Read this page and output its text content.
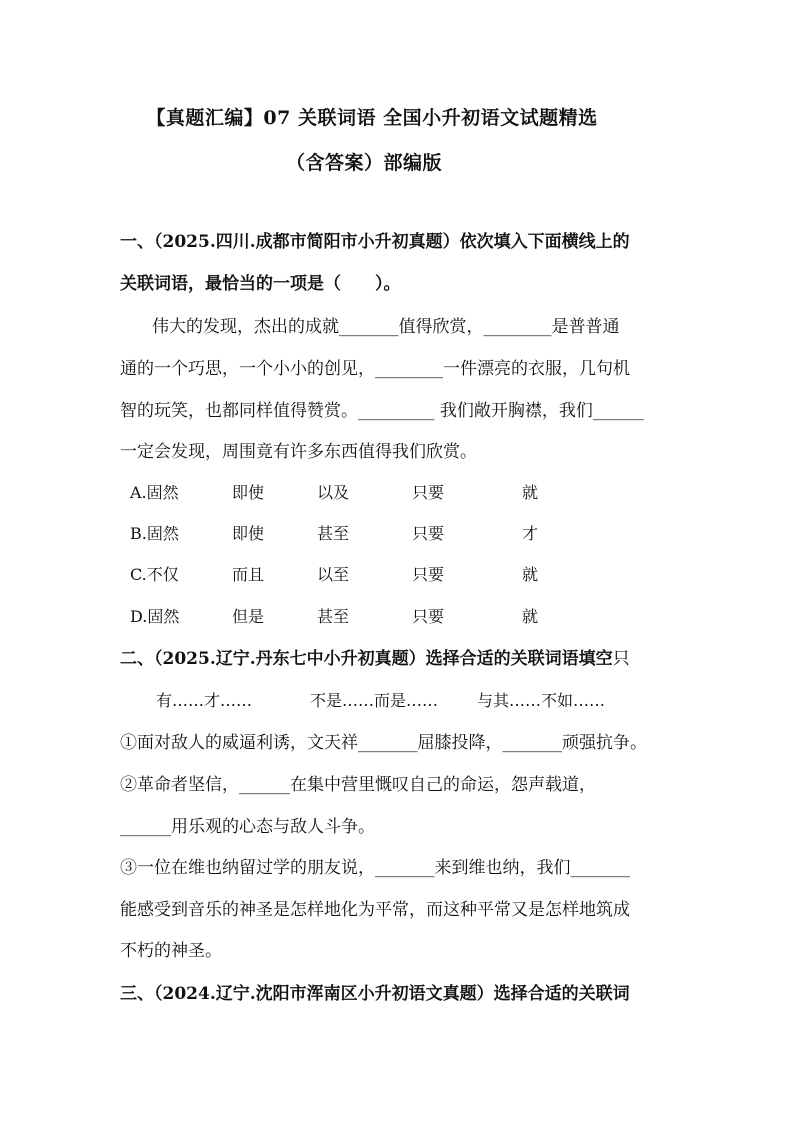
【真题汇编】07 关联词语 全国小升初语文试题精选
（含答案）部编版
一、（2025.四川.成都市简阳市小升初真题）依次填入下面横线上的
关联词语，最恰当的一项是（　　）。
伟大的发现，杰出的成就_______值得欣赏，________是普普通
通的一个巧思，一个小小的创见，________一件漂亮的衣服，几句机
智的玩笑，也都同样值得赞赏。_________ 我们敞开胸襟，我们______
一定会发现，周围竟有许多东西值得我们欣赏。
A.固然	即使	以及	只要	就
B.固然	即使	甚至	只要	才
C.不仅	而且	以至	只要	就
D.固然	但是	甚至	只要	就
二、（2025.辽宁.丹东七中小升初真题）选择合适的关联词语填空只
有……才……	不是……而是…… 与其……不如……
①面对敌人的威逼利诱，文天祥_______屈膝投降，_______顽强抗争。
②革命者坚信，______在集中营里慨叹自己的命运，怨声载道，
______用乐观的心态与敌人斗争。
③一位在维也纳留过学的朋友说，_______来到维也纳，我们_______
能感受到音乐的神圣是怎样地化为平常，而这种平常又是怎样地筑成
不朽的神圣。
三、（2024.辽宁.沈阳市浑南区小升初语文真题）选择合适的关联词
